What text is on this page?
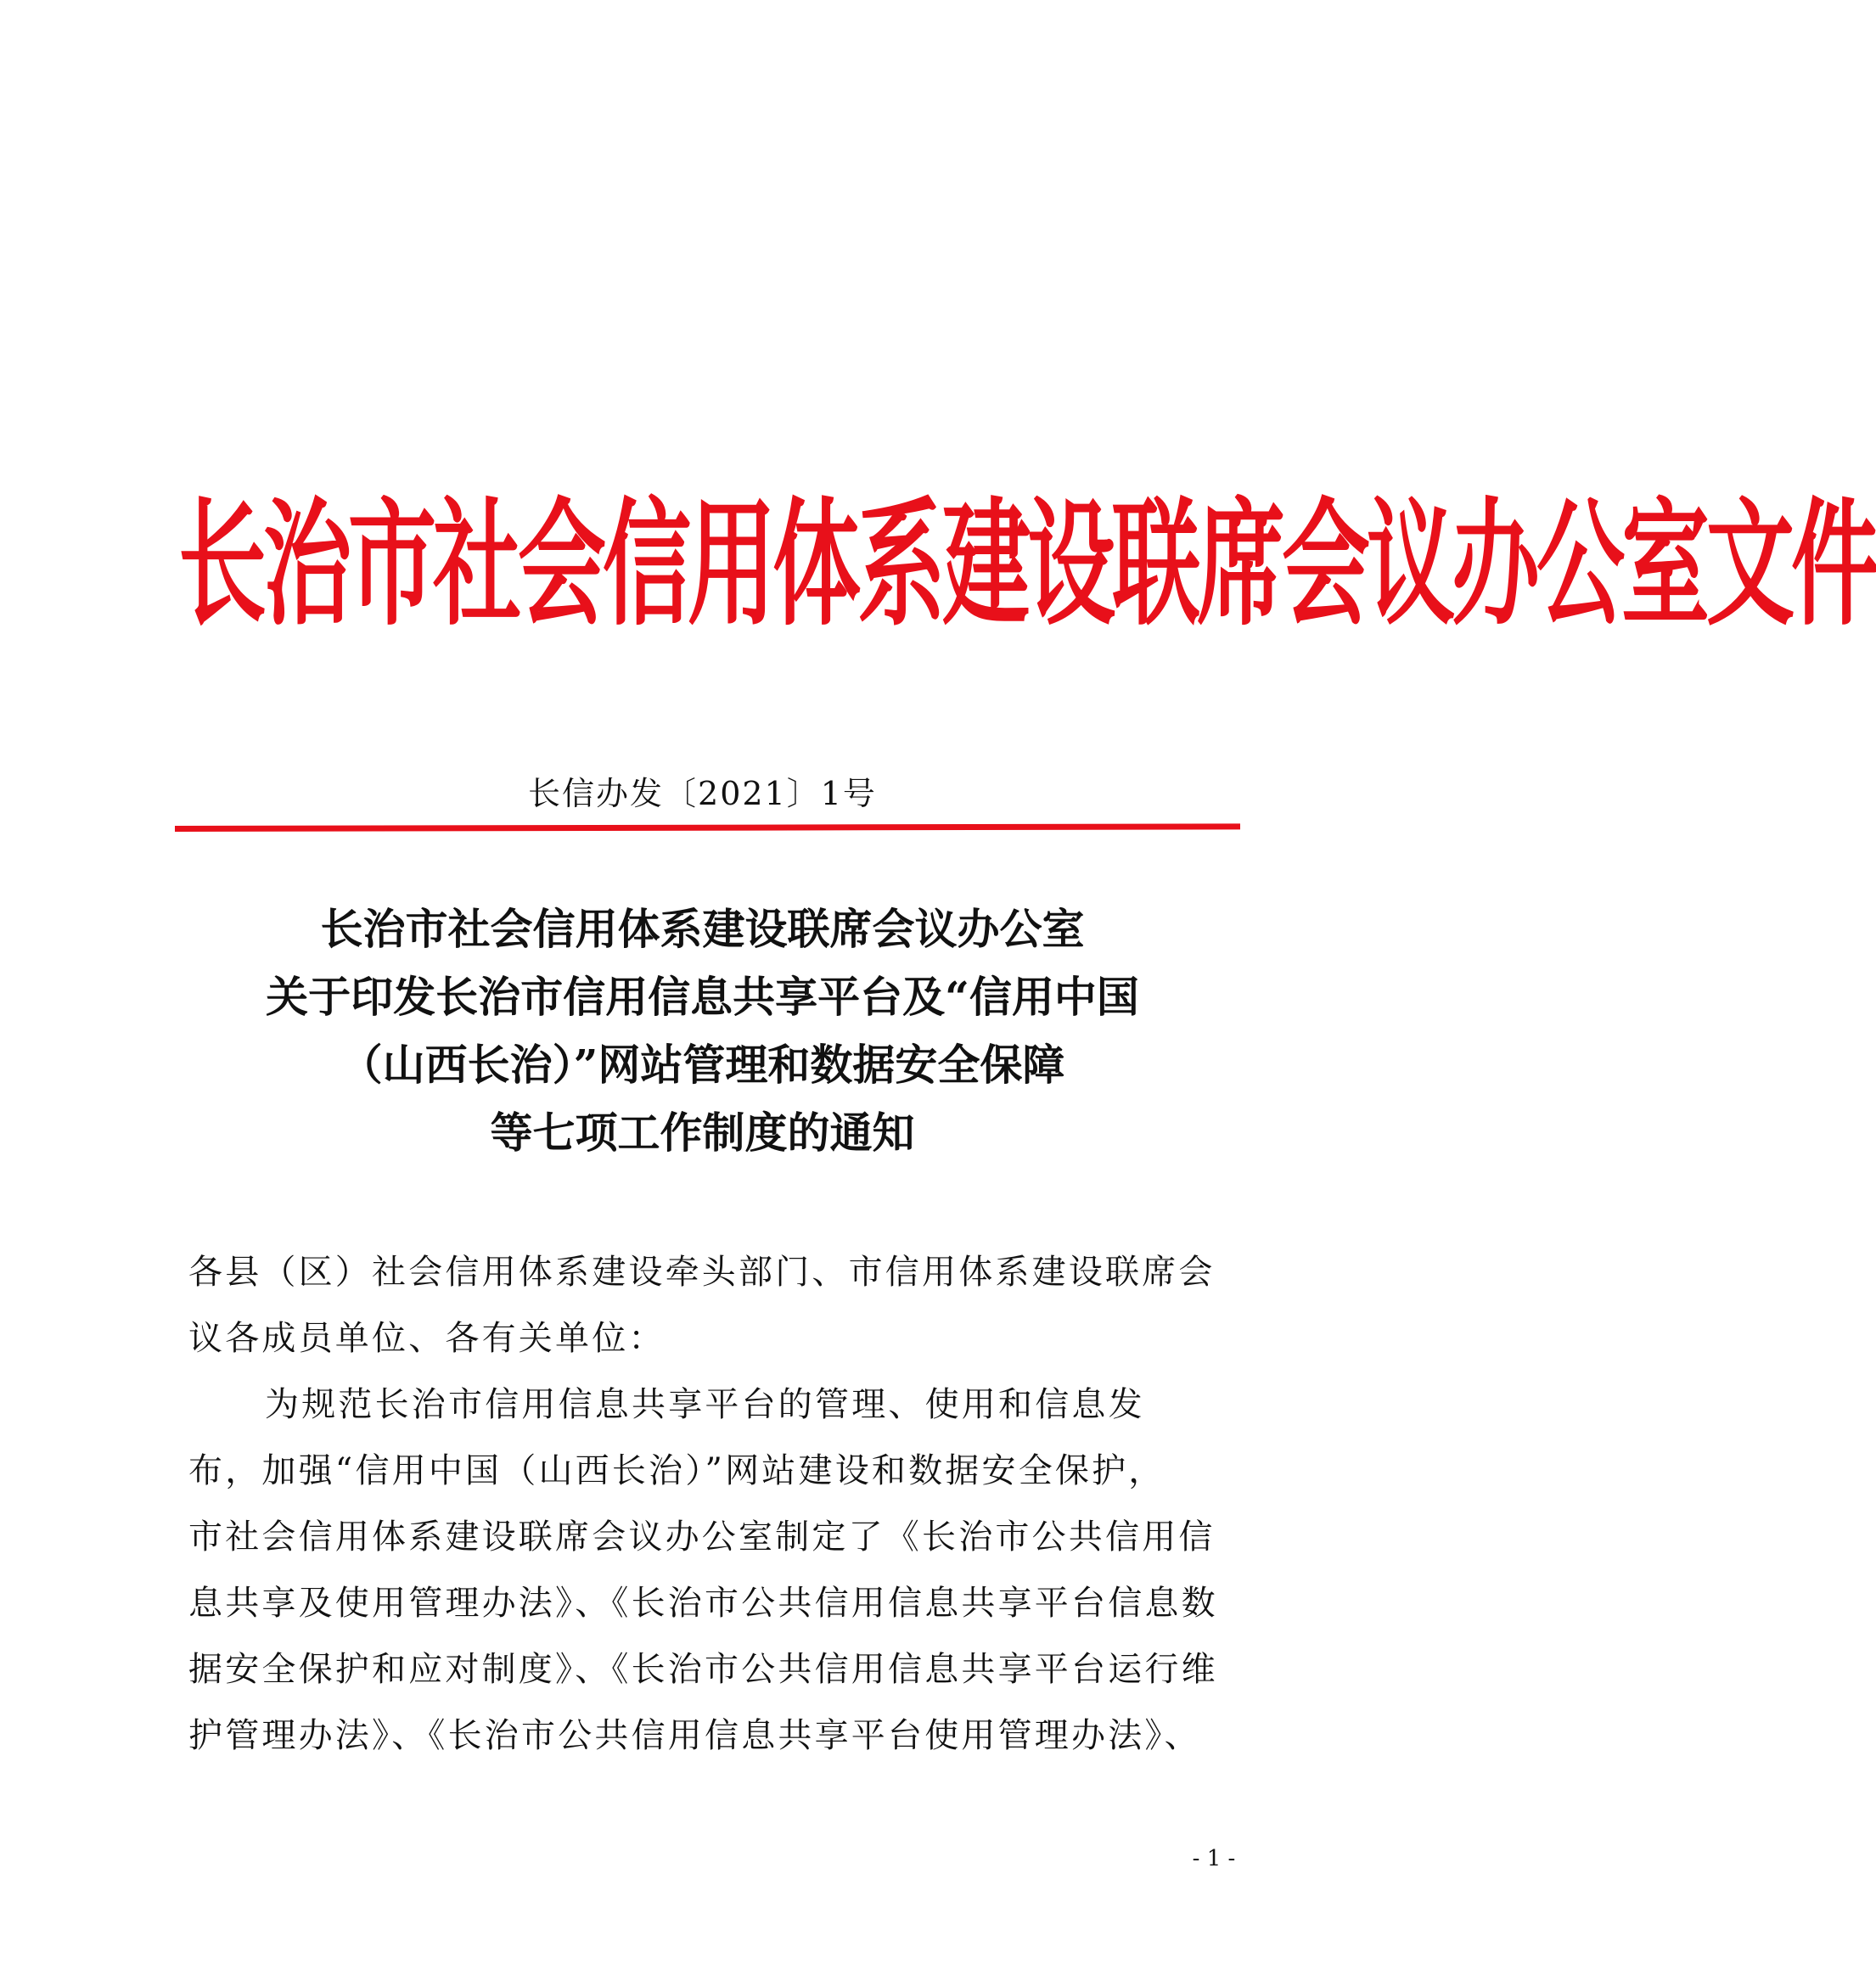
长治市社会信用体系建设联席会议办公室文件
长信办发〔2021〕1号
长治市社会信用体系建设联席会议办公室
关于印发长治市信用信息共享平台及“信用中国
（山西长治）”网站管理和数据安全保障
等七项工作制度的通知
各县（区）社会信用体系建设牵头部门、市信用体系建设联席会
议各成员单位、各有关单位：
为规范长治市信用信息共享平台的管理、使用和信息发
布，加强“信用中国（山西长治）”网站建设和数据安全保护，
市社会信用体系建设联席会议办公室制定了《长治市公共信用信
息共享及使用管理办法》、《长治市公共信用信息共享平台信息数
据安全保护和应对制度》、《长治市公共信用信息共享平台运行维
护管理办法》、《长治市公共信用信息共享平台使用管理办法》、
- 1 -
